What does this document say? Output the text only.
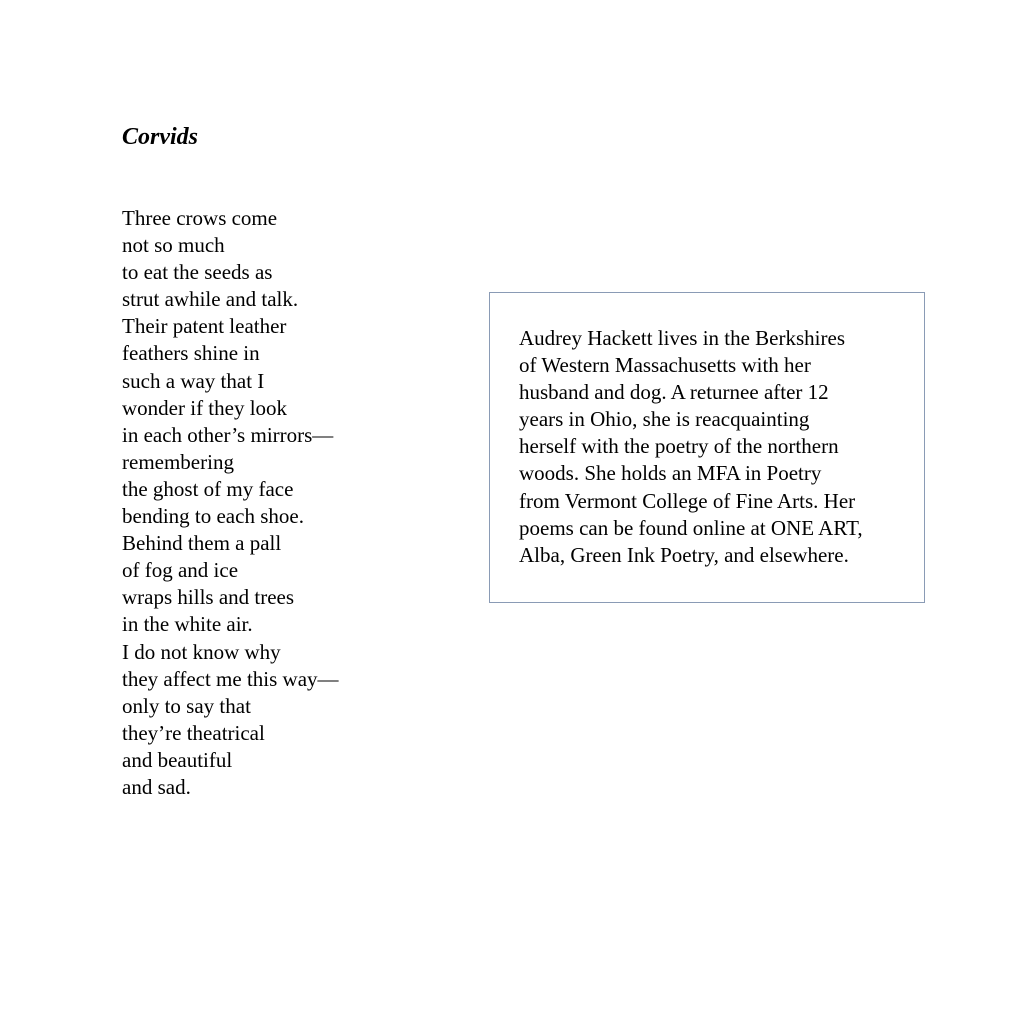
Corvids
Three crows come
not so much
to eat the seeds as
strut awhile and talk.
Their patent leather
feathers shine in
such a way that I
wonder if they look
in each other’s mirrors—
remembering
the ghost of my face
bending to each shoe.
Behind them a pall
of fog and ice
wraps hills and trees
in the white air.
I do not know why
they affect me this way—
only to say that
they’re theatrical
and beautiful
and sad.

Audrey Hackett lives in the Berkshires
of Western Massachusetts with her
husband and dog. A returnee after 12
years in Ohio, she is reacquainting
herself with the poetry of the northern
woods. She holds an MFA in Poetry
from Vermont College of Fine Arts. Her
poems can be found online at ONE ART,
Alba, Green Ink Poetry, and elsewhere.
